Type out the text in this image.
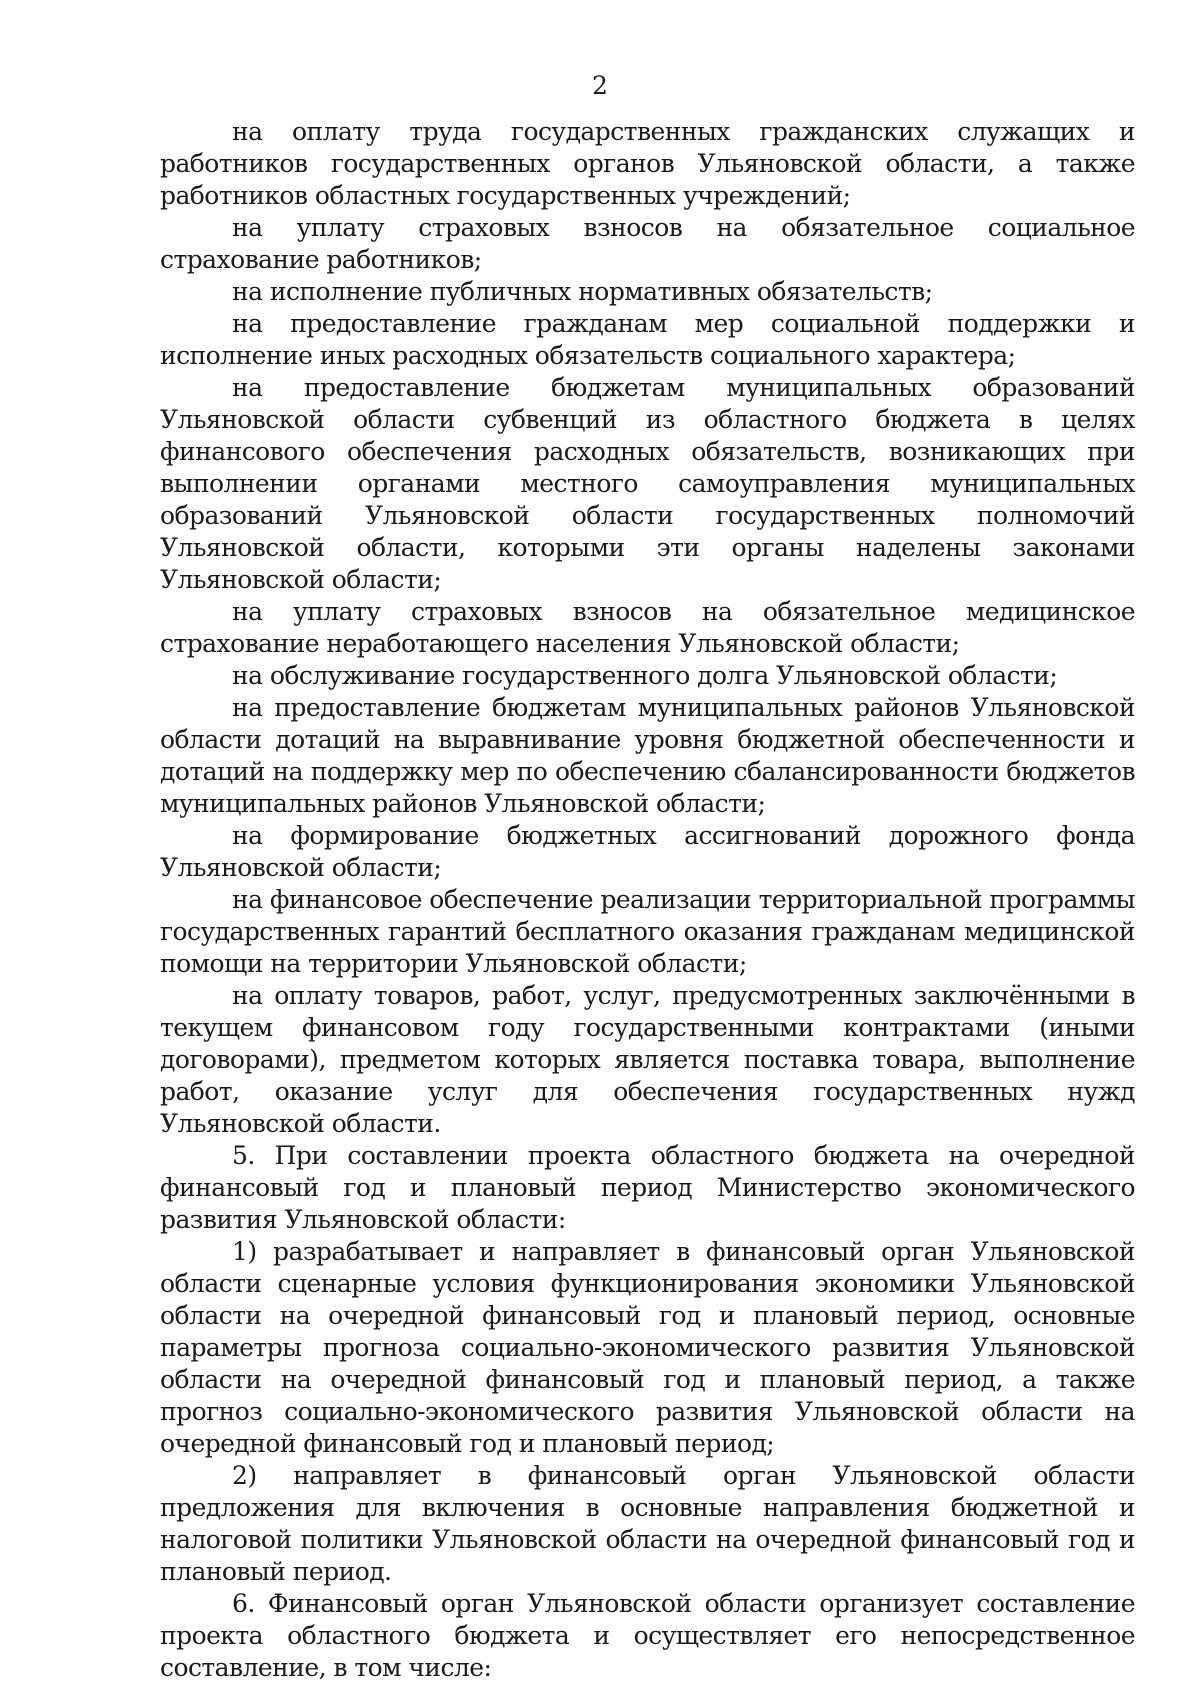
2

на оплату труда государственных гражданских служащих и работников государственных органов Ульяновской области, а также работников областных государственных учреждений;

на уплату страховых взносов на обязательное социальное страхование работников;

на исполнение публичных нормативных обязательств;

на предоставление гражданам мер социальной поддержки и исполнение иных расходных обязательств социального характера;

на предоставление бюджетам муниципальных образований Ульяновской области субвенций из областного бюджета в целях финансового обеспечения расходных обязательств, возникающих при выполнении органами местного самоуправления муниципальных образований Ульяновской области государственных полномочий Ульяновской области, которыми эти органы наделены законами Ульяновской области;

на уплату страховых взносов на обязательное медицинское страхование неработающего населения Ульяновской области;

на обслуживание государственного долга Ульяновской области;

на предоставление бюджетам муниципальных районов Ульяновской области дотаций на выравнивание уровня бюджетной обеспеченности и дотаций на поддержку мер по обеспечению сбалансированности бюджетов муниципальных районов Ульяновской области;

на формирование бюджетных ассигнований дорожного фонда Ульяновской области;

на финансовое обеспечение реализации территориальной программы государственных гарантий бесплатного оказания гражданам медицинской помощи на территории Ульяновской области;

на оплату товаров, работ, услуг, предусмотренных заключёнными в текущем финансовом году государственными контрактами (иными договорами), предметом которых является поставка товара, выполнение работ, оказание услуг для обеспечения государственных нужд Ульяновской области.

5. При составлении проекта областного бюджета на очередной финансовый год и плановый период Министерство экономического развития Ульяновской области:

1) разрабатывает и направляет в финансовый орган Ульяновской области сценарные условия функционирования экономики Ульяновской области на очередной финансовый год и плановый период, основные параметры прогноза социально-экономического развития Ульяновской области на очередной финансовый год и плановый период, а также прогноз социально-экономического развития Ульяновской области на очередной финансовый год и плановый период;

2) направляет в финансовый орган Ульяновской области предложения для включения в основные направления бюджетной и налоговой политики Ульяновской области на очередной финансовый год и плановый период.

6. Финансовый орган Ульяновской области организует составление проекта областного бюджета и осуществляет его непосредственное составление, в том числе:
